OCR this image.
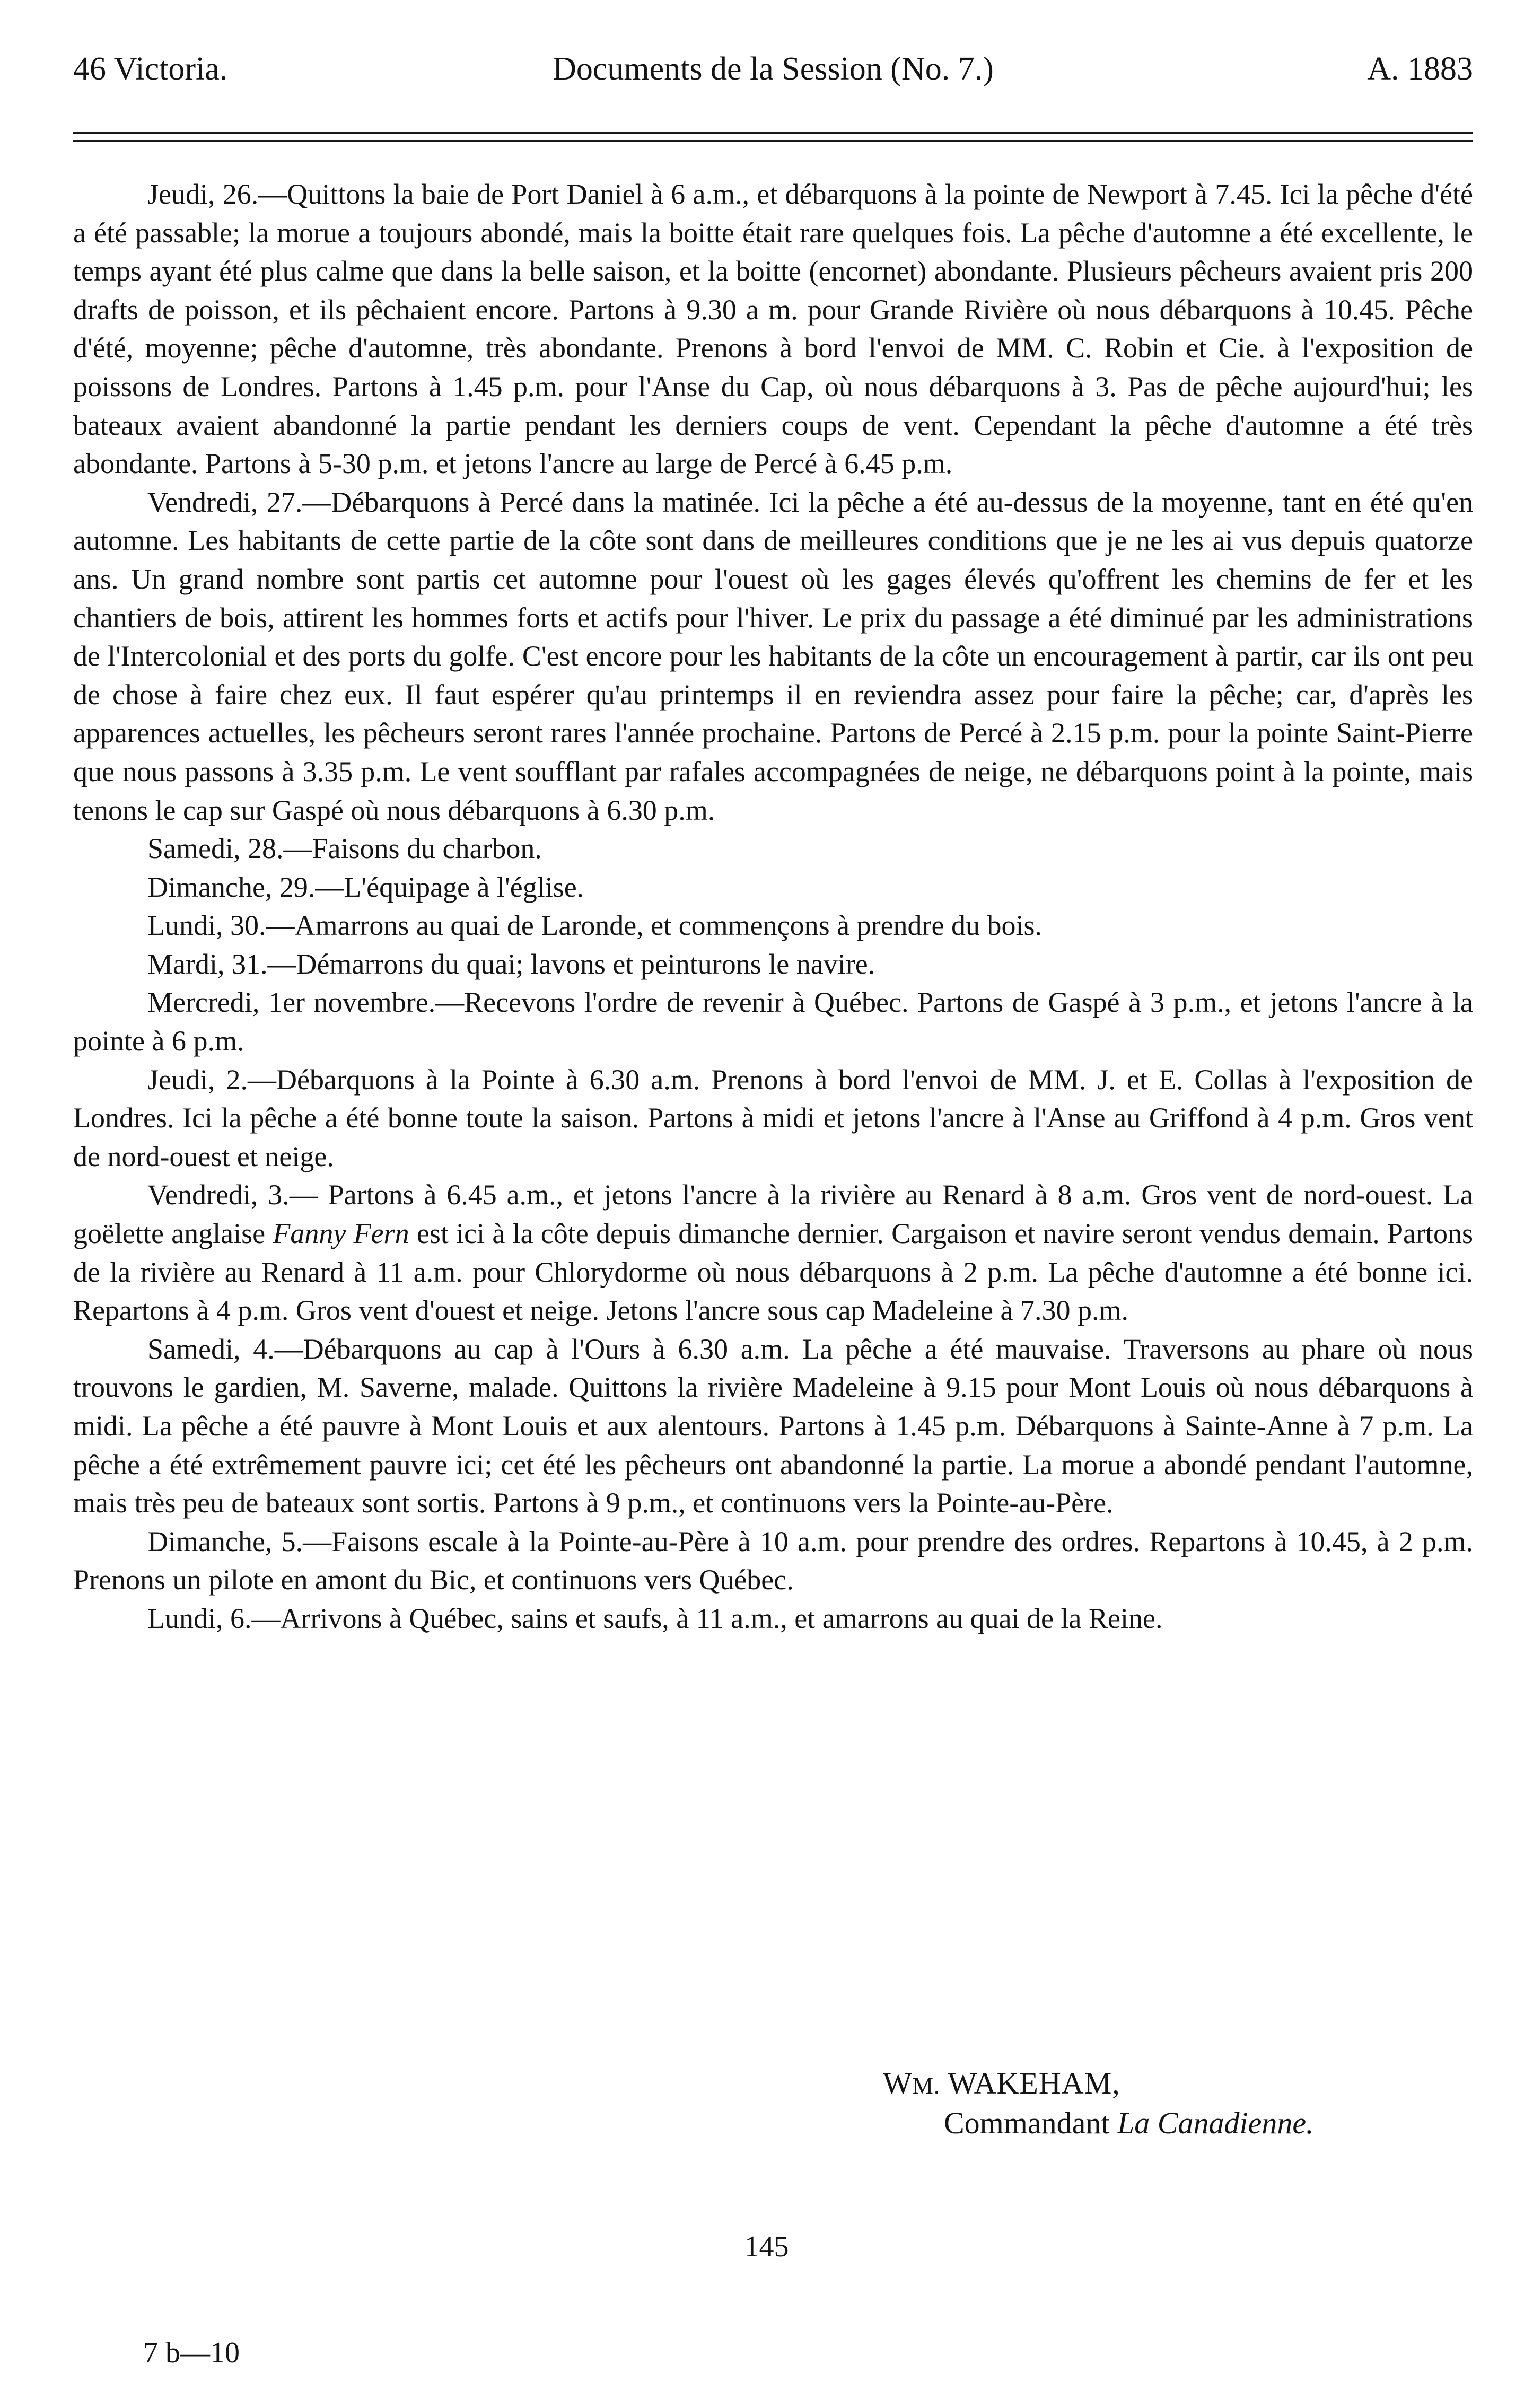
46 Victoria.	Documents de la Session (No. 7.)	A. 1883

Jeudi, 26.—Quittons la baie de Port Daniel à 6 a.m., et débarquons à la pointe de Newport à 7.45. Ici la pêche d'été a été passable; la morue a toujours abondé, mais la boitte était rare quelques fois. La pêche d'automne a été excellente, le temps ayant été plus calme que dans la belle saison, et la boitte (encornet) abondante. Plusieurs pêcheurs avaient pris 200 drafts de poisson, et ils pêchaient encore. Partons à 9.30 a m. pour Grande Rivière où nous débarquons à 10.45. Pêche d'été, moyenne; pêche d'automne, très abondante. Prenons à bord l'envoi de MM. C. Robin et Cie. à l'exposition de poissons de Londres. Partons à 1.45 p.m. pour l'Anse du Cap, où nous débarquons à 3. Pas de pêche aujourd'hui; les bateaux avaient abandonné la partie pendant les derniers coups de vent. Cependant la pêche d'automne a été très abondante. Partons à 5-30 p.m. et jetons l'ancre au large de Percé à 6.45 p.m.

Vendredi, 27.—Débarquons à Percé dans la matinée. Ici la pêche a été au-dessus de la moyenne, tant en été qu'en automne. Les habitants de cette partie de la côte sont dans de meilleures conditions que je ne les ai vus depuis quatorze ans. Un grand nombre sont partis cet automne pour l'ouest où les gages élevés qu'offrent les chemins de fer et les chantiers de bois, attirent les hommes forts et actifs pour l'hiver. Le prix du passage a été diminué par les administrations de l'Intercolonial et des ports du golfe. C'est encore pour les habitants de la côte un encouragement à partir, car ils ont peu de chose à faire chez eux. Il faut espérer qu'au printemps il en reviendra assez pour faire la pêche; car, d'après les apparences actuelles, les pêcheurs seront rares l'année prochaine. Partons de Percé à 2.15 p.m. pour la pointe Saint-Pierre que nous passons à 3.35 p.m. Le vent soufflant par rafales accompagnées de neige, ne débarquons point à la pointe, mais tenons le cap sur Gaspé où nous débarquons à 6.30 p.m.

Samedi, 28.—Faisons du charbon.

Dimanche, 29.—L'équipage à l'église.

Lundi, 30.—Amarrons au quai de Laronde, et commençons à prendre du bois.

Mardi, 31.—Démarrons du quai; lavons et peinturons le navire.

Mercredi, 1er novembre.—Recevons l'ordre de revenir à Québec. Partons de Gaspé à 3 p.m., et jetons l'ancre à la pointe à 6 p.m.

Jeudi, 2.—Débarquons à la Pointe à 6.30 a.m. Prenons à bord l'envoi de MM. J. et E. Collas à l'exposition de Londres. Ici la pêche a été bonne toute la saison. Partons à midi et jetons l'ancre à l'Anse au Griffond à 4 p.m. Gros vent de nord-ouest et neige.

Vendredi, 3.— Partons à 6.45 a.m., et jetons l'ancre à la rivière au Renard à 8 a.m. Gros vent de nord-ouest. La goëlette anglaise Fanny Fern est ici à la côte depuis dimanche dernier. Cargaison et navire seront vendus demain. Partons de la rivière au Renard à 11 a.m. pour Chlorydorme où nous débarquons à 2 p.m. La pêche d'automne a été bonne ici. Repartons à 4 p.m. Gros vent d'ouest et neige. Jetons l'ancre sous cap Madeleine à 7.30 p.m.

Samedi, 4.—Débarquons au cap à l'Ours à 6.30 a.m. La pêche a été mauvaise. Traversons au phare où nous trouvons le gardien, M. Saverne, malade. Quittons la rivière Madeleine à 9.15 pour Mont Louis où nous débarquons à midi. La pêche a été pauvre à Mont Louis et aux alentours. Partons à 1.45 p.m. Débarquons à Sainte-Anne à 7 p.m. La pêche a été extrêmement pauvre ici; cet été les pêcheurs ont abandonné la partie. La morue a abondé pendant l'automne, mais très peu de bateaux sont sortis. Partons à 9 p.m., et continuons vers la Pointe-au-Père.

Dimanche, 5.—Faisons escale à la Pointe-au-Père à 10 a.m. pour prendre des ordres. Repartons à 10.45, à 2 p.m. Prenons un pilote en amont du Bic, et continuons vers Québec.

Lundi, 6.—Arrivons à Québec, sains et saufs, à 11 a.m., et amarrons au quai de la Reine.

WM. WAKEHAM,
Commandant La Canadienne.
145
7 b—10
